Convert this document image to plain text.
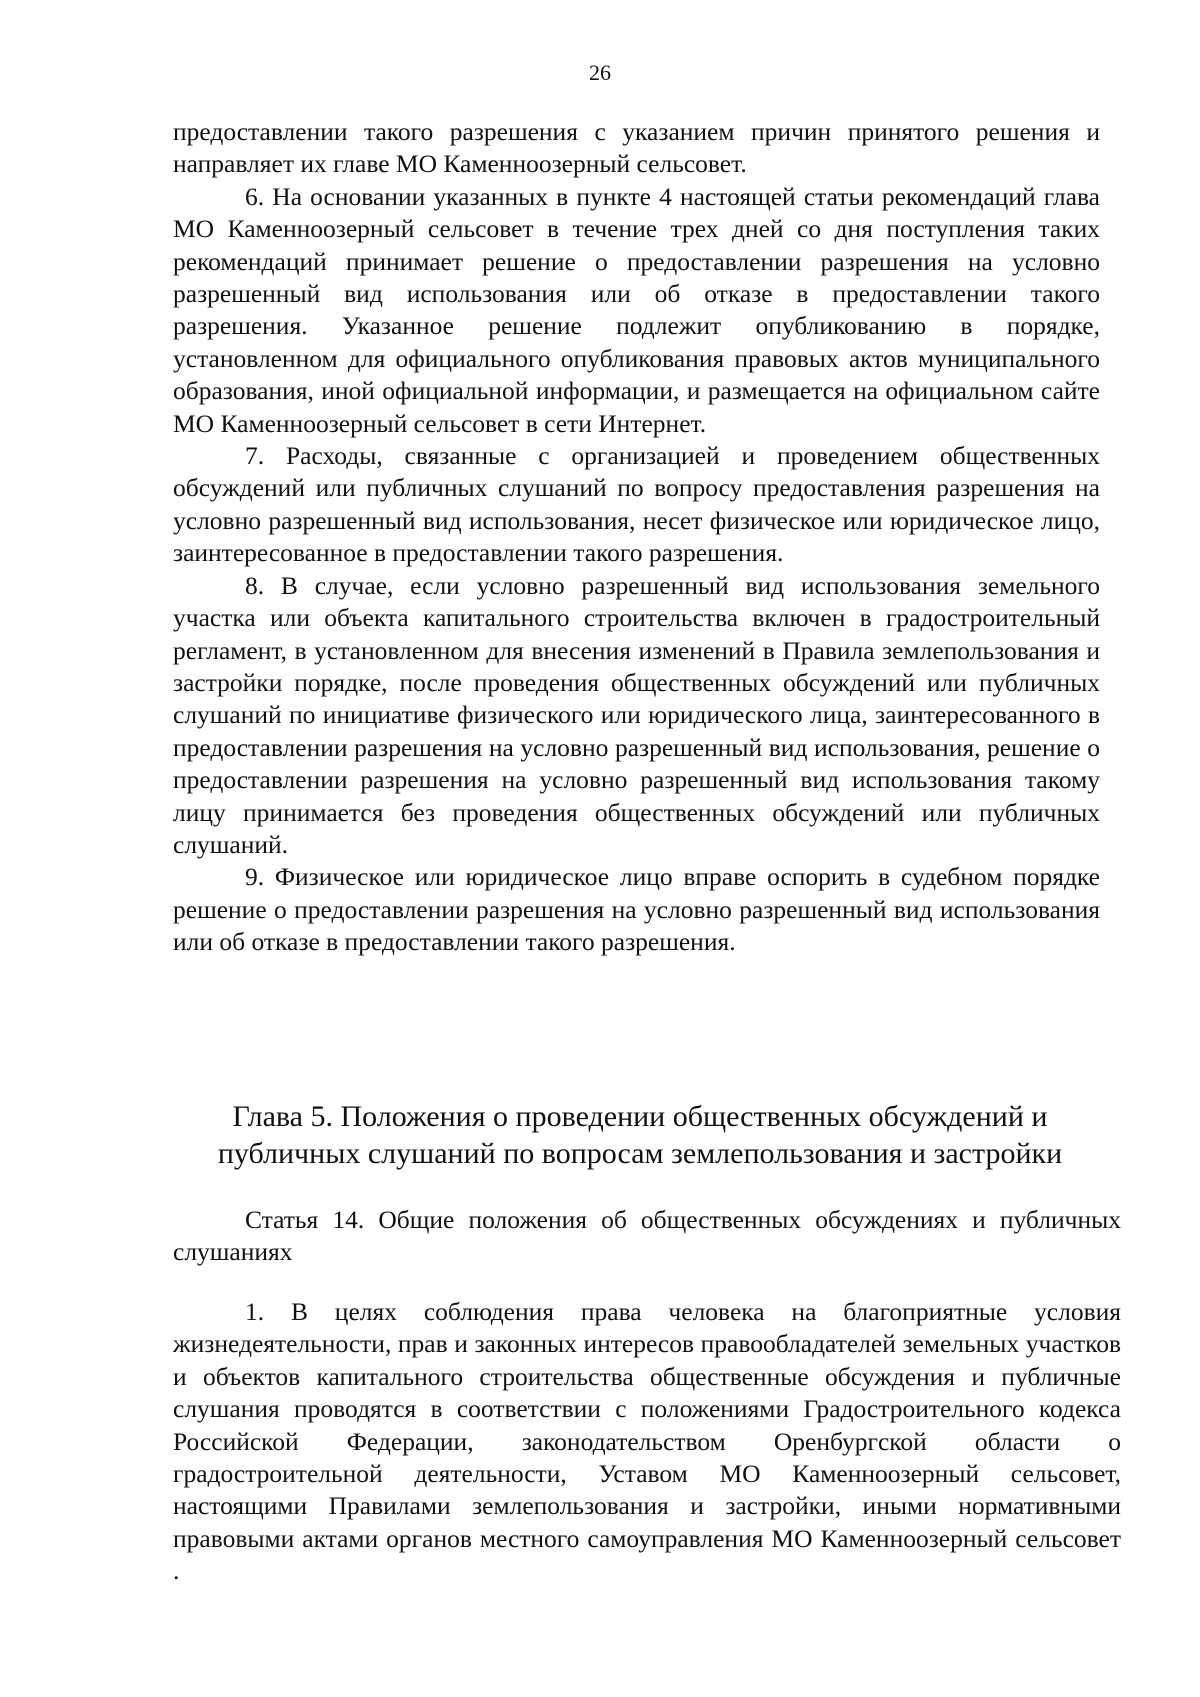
26

предоставлении такого разрешения с указанием причин принятого решения и направляет их главе МО Каменноозерный сельсовет.

6. На основании указанных в пункте 4 настоящей статьи рекомендаций глава МО Каменноозерный сельсовет в течение трех дней со дня поступления таких рекомендаций принимает решение о предоставлении разрешения на условно разрешенный вид использования или об отказе в предоставлении такого разрешения. Указанное решение подлежит опубликованию в порядке, установленном для официального опубликования правовых актов муниципального образования, иной официальной информации, и размещается на официальном сайте МО Каменноозерный сельсовет в сети Интернет.

7. Расходы, связанные с организацией и проведением общественных обсуждений или публичных слушаний по вопросу предоставления разрешения на условно разрешенный вид использования, несет физическое или юридическое лицо, заинтересованное в предоставлении такого разрешения.

8. В случае, если условно разрешенный вид использования земельного участка или объекта капитального строительства включен в градостроительный регламент, в установленном для внесения изменений в Правила землепользования и застройки порядке, после проведения общественных обсуждений или публичных слушаний по инициативе физического или юридического лица, заинтересованного в предоставлении разрешения на условно разрешенный вид использования, решение о предоставлении разрешения на условно разрешенный вид использования такому лицу принимается без проведения общественных обсуждений или публичных слушаний.

9. Физическое или юридическое лицо вправе оспорить в судебном порядке решение о предоставлении разрешения на условно разрешенный вид использования или об отказе в предоставлении такого разрешения.

Глава 5. Положения о проведении общественных обсуждений и
публичных слушаний по вопросам землепользования и застройки

Статья 14. Общие положения об общественных обсуждениях и публичных слушаниях

1. В целях соблюдения права человека на благоприятные условия жизнедеятельности, прав и законных интересов правообладателей земельных участков и объектов капитального строительства общественные обсуждения и публичные слушания проводятся в соответствии с положениями Градостроительного кодекса Российской Федерации, законодательством Оренбургской области о градостроительной деятельности, Уставом МО Каменноозерный сельсовет, настоящими Правилами землепользования и застройки, иными нормативными правовыми актами органов местного самоуправления МО Каменноозерный сельсовет .
